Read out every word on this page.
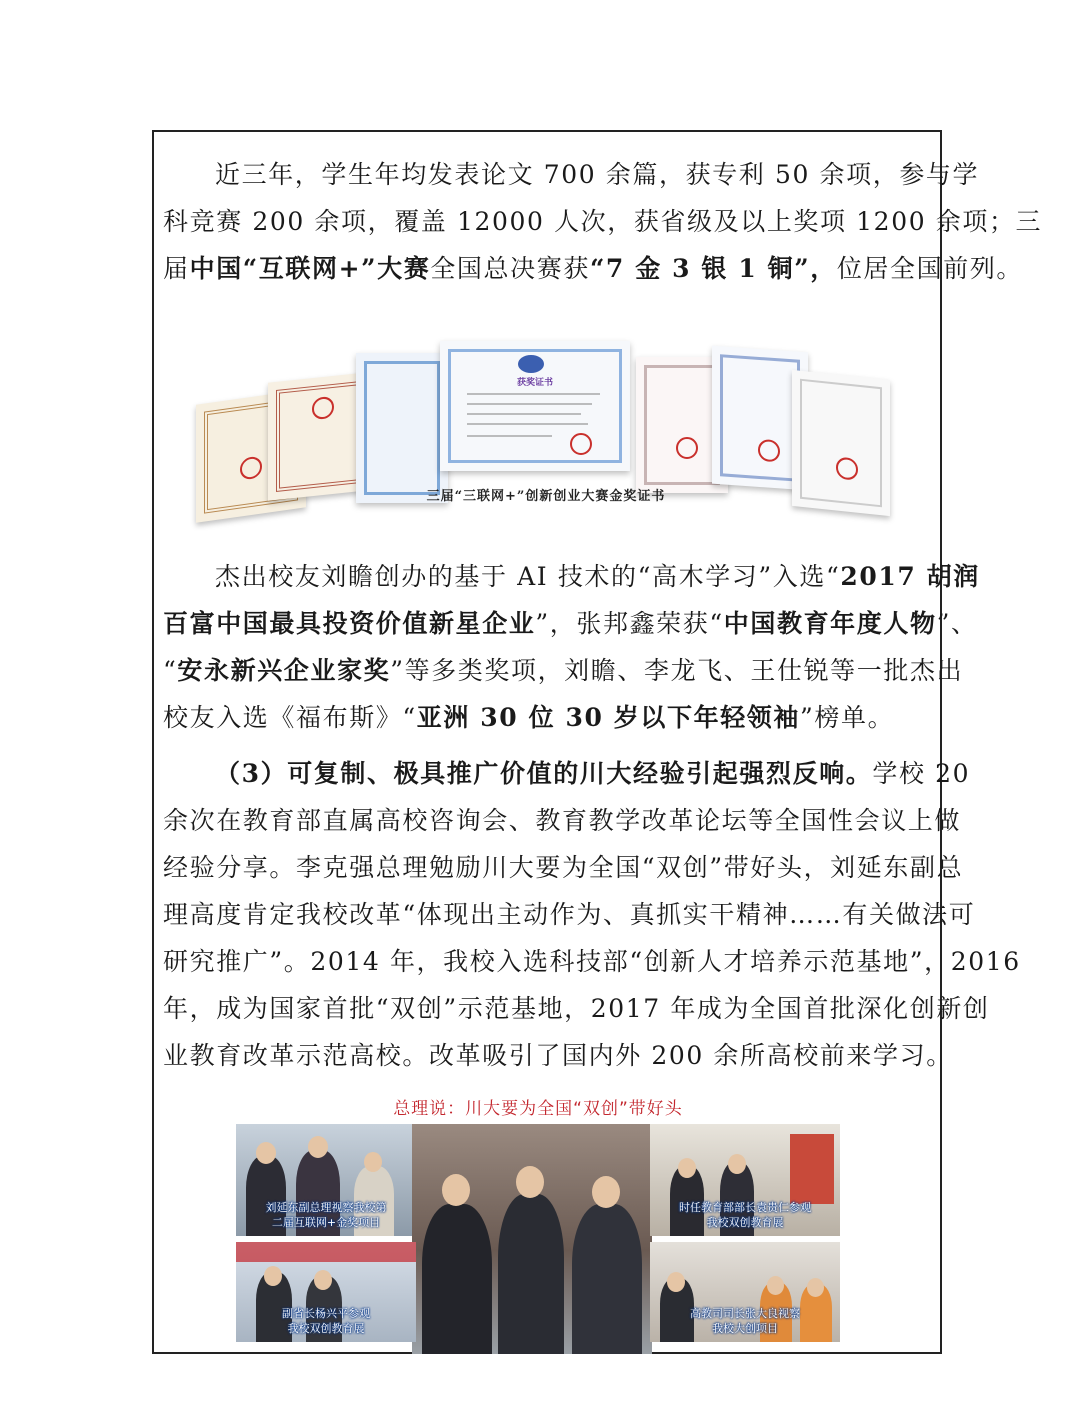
近三年，学生年均发表论文 700 余篇，获专利 50 余项，参与学
科竞赛 200 余项，覆盖 12000 人次，获省级及以上奖项 1200 余项；三
届中国“互联网+”大赛全国总决赛获“7 金 3 银 1 铜”，位居全国前列。
获奖证书
三届“三联网+”创新创业大赛金奖证书
杰出校友刘瞻创办的基于 AI 技术的“高木学习”入选“2017 胡润
百富中国最具投资价值新星企业”，张邦鑫荣获“中国教育年度人物”、
“安永新兴企业家奖”等多类奖项，刘瞻、李龙飞、王仕锐等一批杰出
校友入选《福布斯》“亚洲 30 位 30 岁以下年轻领袖”榜单。
（3）可复制、极具推广价值的川大经验引起强烈反响。学校 20
余次在教育部直属高校咨询会、教育教学改革论坛等全国性会议上做
经验分享。李克强总理勉励川大要为全国“双创”带好头，刘延东副总
理高度肯定我校改革“体现出主动作为、真抓实干精神……有关做法可
研究推广”。2014 年，我校入选科技部“创新人才培养示范基地”，2016
年，成为国家首批“双创”示范基地，2017 年成为全国首批深化创新创
业教育改革示范高校。改革吸引了国内外 200 余所高校前来学习。
总理说：川大要为全国“双创”带好头
刘延东副总理视察我校第
二届互联网+金奖项目
时任教育部部长袁贵仁参观
我校双创教育展
副省长杨兴平参观
我校双创教育展
高教司司长张大良视察
我校大创项目
